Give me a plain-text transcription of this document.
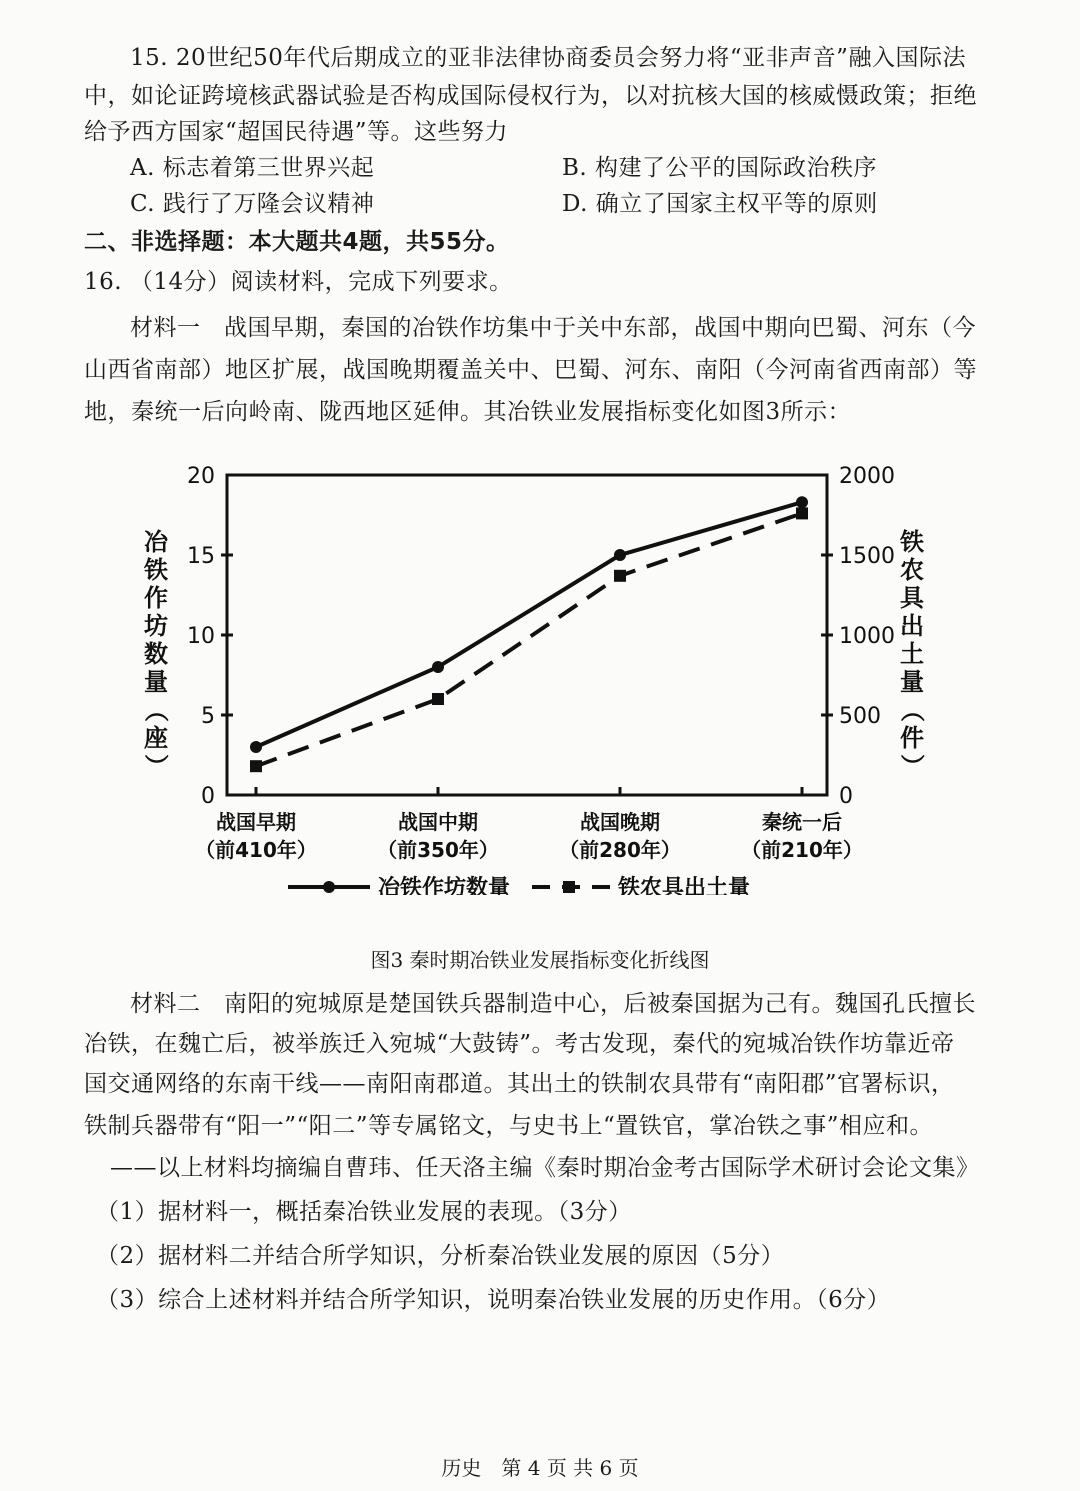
15. 20世纪50年代后期成立的亚非法律协商委员会努力将“亚非声音”融入国际法
中，如论证跨境核武器试验是否构成国际侵权行为，以对抗核大国的核威慑政策；拒绝
给予西方国家“超国民待遇”等。这些努力
A. 标志着第三世界兴起	B. 构建了公平的国际政治秩序
C. 践行了万隆会议精神	D. 确立了国家主权平等的原则
二、非选择题：本大题共4题，共55分。
16. （14分）阅读材料，完成下列要求。
材料一　战国早期，秦国的冶铁作坊集中于关中东部，战国中期向巴蜀、河东（今
山西省南部）地区扩展，战国晚期覆盖关中、巴蜀、河东、南阳（今河南省西南部）等
地，秦统一后向岭南、陇西地区延伸。其冶铁业发展指标变化如图3所示：
0
5
10
15
20
0
500
1000
1500
2000
战国早期
（前410年）
战国中期
（前350年）
战国晚期
（前280年）
秦统一后
（前210年）
冶
铁
作
坊
数
量
（
座
）
铁
农
具
出
土
量
（
件
）
冶铁作坊数量	铁农具出土量
图3 秦时期冶铁业发展指标变化折线图
材料二　南阳的宛城原是楚国铁兵器制造中心，后被秦国据为己有。魏国孔氏擅长
冶铁，在魏亡后，被举族迁入宛城“大鼓铸”。考古发现，秦代的宛城冶铁作坊靠近帝
国交通网络的东南干线——南阳南郡道。其出土的铁制农具带有“南阳郡”官署标识，
铁制兵器带有“阳一”“阳二”等专属铭文，与史书上“置铁官，掌冶铁之事”相应和。
——以上材料均摘编自曹玮、任天洛主编《秦时期冶金考古国际学术研讨会论文集》
（1）据材料一，概括秦冶铁业发展的表现。（3分）
（2）据材料二并结合所学知识，分析秦冶铁业发展的原因（5分）
（3）综合上述材料并结合所学知识，说明秦冶铁业发展的历史作用。（6分）
历史　第 4 页 共 6 页
